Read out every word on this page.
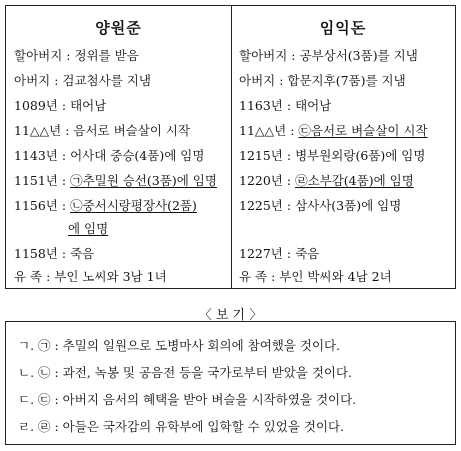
양원준
할아버지 : 정위를 받음
아버지 : 검교첨사를 지냄
1089년 : 태어남
11△△년 : 음서로 벼슬살이 시작
1143년 : 어사대 중승(4품)에 임명
1151년 : ㉠추밀원 승선(3품)에 임명
1156년 : ㉡중서시랑평장사(2품)
에 임명
1158년 : 죽음
유 족 : 부인 노씨와 3남 1녀
임익돈
할아버지 : 공부상서(3품)를 지냄
아버지 : 합문지후(7품)를 지냄
1163년 : 태어남
11△△년 : ㉢음서로 벼슬살이 시작
1215년 : 병부원외랑(6품)에 임명
1220년 : ㉣소부감(4품)에 임명
1225년 : 삼사사(3품)에 임명
1227년 : 죽음
유 족 : 부인 박씨와 4남 2녀
〈 보 기 〉
ㄱ. ㉠ : 추밀의 일원으로 도병마사 회의에 참여했을 것이다.
ㄴ. ㉡ : 과전, 녹봉 및 공음전 등을 국가로부터 받았을 것이다.
ㄷ. ㉢ : 아버지 음서의 혜택을 받아 벼슬을 시작하였을 것이다.
ㄹ. ㉣ : 아들은 국자감의 유학부에 입학할 수 있었을 것이다.
